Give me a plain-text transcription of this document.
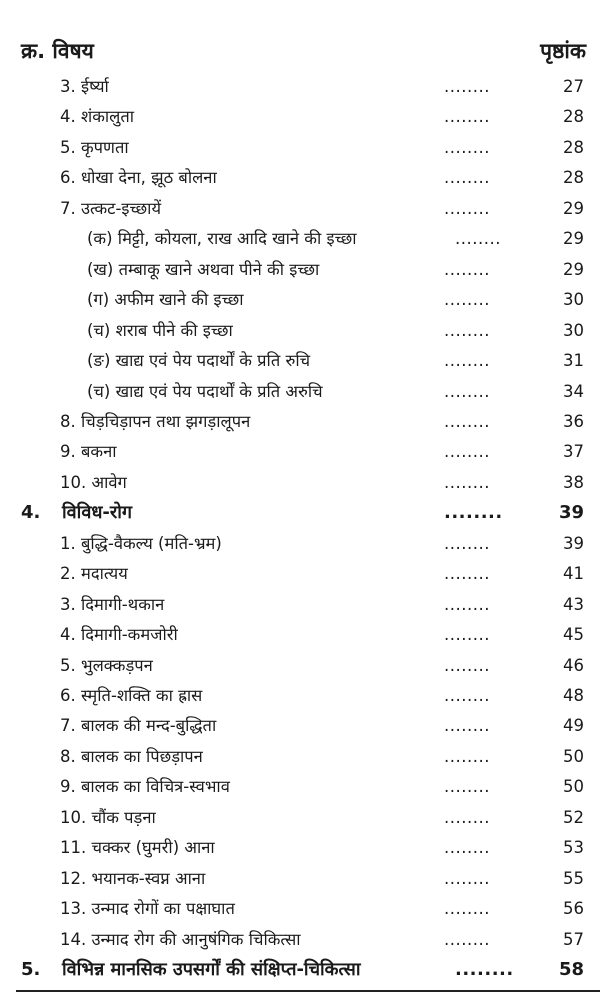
क्र. विषय	पृष्ठांक
3. ईर्ष्या	........	27
4. शंकालुता	........	28
5. कृपणता	........	28
6. धोखा देना, झूठ बोलना	........	28
7. उत्कट-इच्छायें	........	29
(क) मिट्टी, कोयला, राख आदि खाने की इच्छा	........	29
(ख) तम्बाकू खाने अथवा पीने की इच्छा	........	29
(ग) अफीम खाने की इच्छा	........	30
(च) शराब पीने की इच्छा	........	30
(ङ) खाद्य एवं पेय पदार्थों के प्रति रुचि	........	31
(च) खाद्य एवं पेय पदार्थों के प्रति अरुचि	........	34
8. चिड़चिड़ापन तथा झगड़ालूपन	........	36
9. बकना	........	37
10. आवेग	........	38
4. विविध-रोग	........	39
1. बुद्धि-वैकल्य (मति-भ्रम)	........	39
2. मदात्यय	........	41
3. दिमागी-थकान	........	43
4. दिमागी-कमजोरी	........	45
5. भुलक्कड़पन	........	46
6. स्मृति-शक्ति का ह्रास	........	48
7. बालक की मन्द-बुद्धिता	........	49
8. बालक का पिछड़ापन	........	50
9. बालक का विचित्र-स्वभाव	........	50
10. चौंक पड़ना	........	52
11. चक्कर (घुमरी) आना	........	53
12. भयानक-स्वप्न आना	........	55
13. उन्माद रोगों का पक्षाघात	........	56
14. उन्माद रोग की आनुषंगिक चिकित्सा	........	57
5. विभिन्न मानसिक उपसर्गों की संक्षिप्त-चिकित्सा	........	58
